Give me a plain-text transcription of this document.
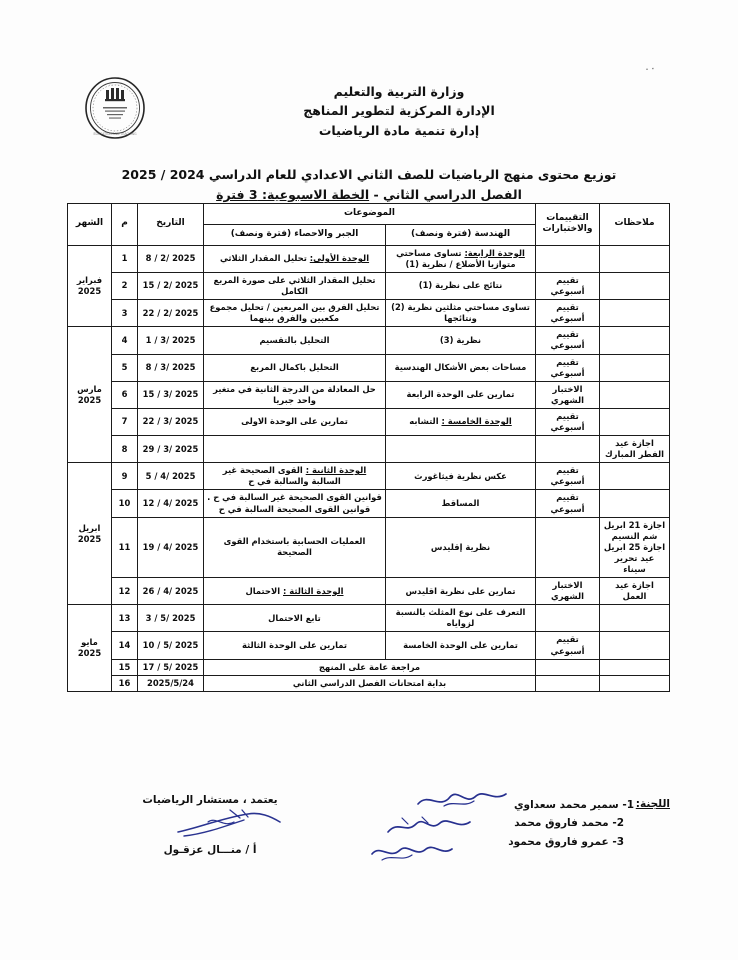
٠٠
. . . . . . .
EDUCATION AND TEACHING
وزارة التربية والتعليم
الإدارة المركزية لتطوير المناهج
إدارة تنمية مادة الرياضيات
توزيع محتوى منهج الرياضيات للصف الثاني الاعدادي للعام الدراسي 2024 / 2025
الفصل الدراسي الثاني - الخطة الاسبوعية: 3 فترة
ملاحظات	التقييمات والاختبارات	الموضوعات		التاريخ	م	الشهر
		الهندسة (فترة ونصف)	الجبر والاحصاء (فترة ونصف)			
		الوحدة الرابعة: تساوى مساحتي متوازيا الأضلاع / نظرية (1)	الوحدة الأولى: تحليل المقدار الثلاثي	2025 /2 / 8	1	فبراير
2025
	تقييم أسبوعي	نتائج على نظرية (1)	تحليل المقدار الثلاثي على صورة المربع الكامل	2025 /2 / 15	2	
	تقييم أسبوعي	تساوى مساحتي مثلثين نظرية (2) ونتائجها	تحليل الفرق بين المربعين / تحليل مجموع مكعبين والفرق بينهما	2025 /2 / 22	3	
	تقييم أسبوعي	نظرية (3)	التحليل بالتقسيم	2025 /3 / 1	4	مارس
2025
	تقييم أسبوعي	مساحات بعض الأشكال الهندسية	التحليل باكمال المربع	2025 /3 / 8	5	
	الاختبار الشهري	تمارين على الوحدة الرابعة	حل المعادلة من الدرجة الثانية في متغير واحد جبريا	2025 /3 / 15	6	
	تقييم أسبوعي	الوحدة الخامسة : التشابه	تمارين على الوحدة الاولى	2025 /3 / 22	7	
اجازة عيد الفطر المبارك				2025 /3 / 29	8	
	تقييم أسبوعي	عكس نظرية فيثاغورث	الوحدة الثانية : القوى الصحيحة غير السالبة والسالبة في ح	2025 /4 / 5	9	ابريل
2025
	تقييم أسبوعي	المساقط	قوانين القوى الصحيحة غير السالبة في ح . قوانين القوى الصحيحة السالبة في ح	2025 /4 / 12	10	
اجازة 21 ابريل شم النسيم اجازة 25 ابريل عيد تحرير سيناء		نظرية إقليدس	العمليات الحسابية باستخدام القوى الصحيحة	2025 /4 / 19	11	
اجازة عيد العمل	الاختبار الشهري	تمارين على نظرية اقليدس	الوحدة الثالثة : الاحتمال	2025 /4 / 26	12	
		التعرف على نوع المثلث بالنسبة لزواياه	تابع الاحتمال	2025 /5 / 3	13	مايو
2025
	تقييم أسبوعي	تمارين على الوحدة الخامسة	تمارين على الوحدة الثالثة	2025 /5 / 10	14	
		مراجعة عامة على المنهج		2025 /5 / 17	15	
		بداية امتحانات الفصل الدراسي الثاني		2025/5/24	16	
اللجنة:
1- سمير محمد سعداوي
2- محمد فاروق محمد
3- عمرو فاروق محمود
يعتمد ، مستشار الرياضيات
أ / منـــال عزقـول
